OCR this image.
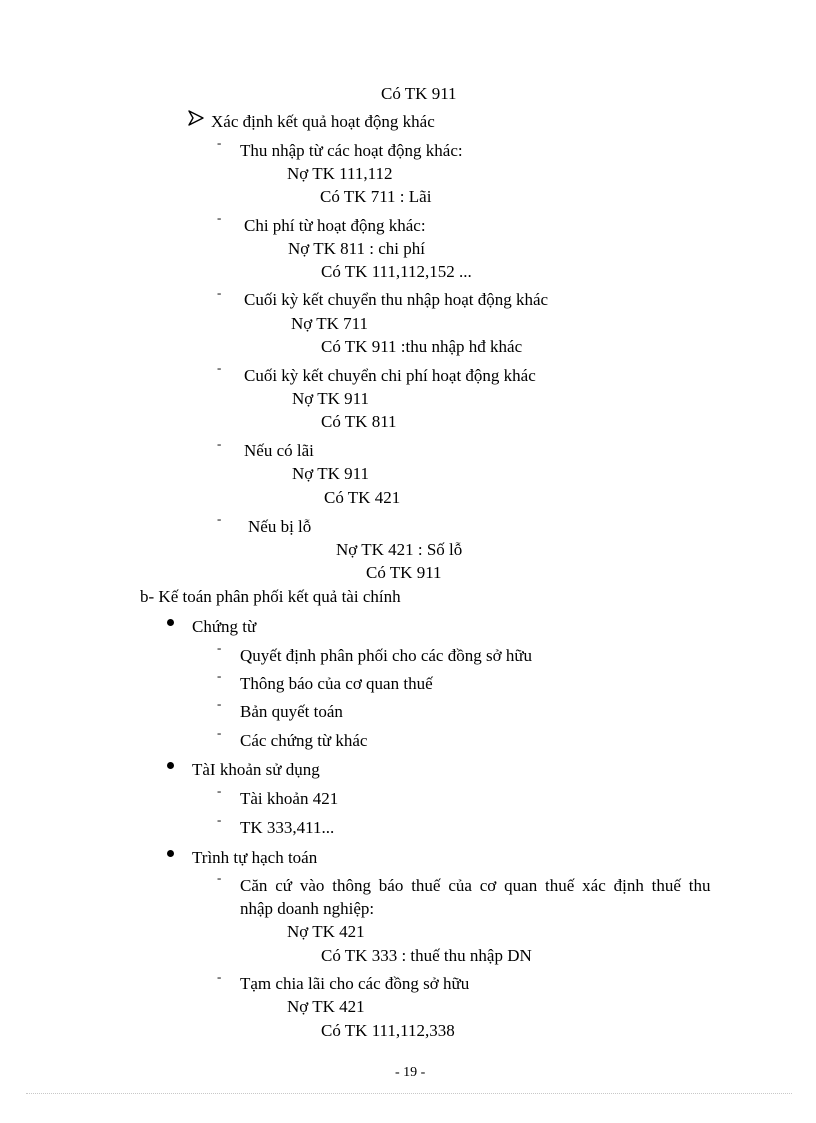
Có TK 911
Xác định kết quả hoạt động khác
- Thu nhập từ các hoạt động khác:
Nợ TK 111,112
Có TK 711 : Lãi
- Chi phí từ hoạt động khác:
Nợ TK 811 : chi phí
Có TK 111,112,152 ...
- Cuối kỳ kết chuyển thu nhập hoạt động khác
Nợ TK 711
Có TK 911 :thu nhập hđ khác
- Cuối kỳ kết chuyển chi phí hoạt động khác
Nợ TK 911
Có TK 811
- Nếu có lãi
Nợ TK 911
Có TK 421
- Nếu bị lỗ
Nợ TK 421 : Số lỗ
Có TK 911
b- Kế toán phân phối kết quả tài chính
Chứng từ
- Quyết định phân phối cho các đồng sở hữu
- Thông báo của cơ quan thuế
- Bản quyết toán
- Các chứng từ khác
TàI khoản sử dụng
- Tài khoản 421
- TK 333,411...
Trình tự hạch toán
- Căn cứ vào thông báo thuế của cơ quan thuế xác định thuế thu
nhập doanh nghiệp:
Nợ TK 421
Có TK 333 : thuế thu nhập DN
- Tạm chia lãi cho các đồng sở hữu
Nợ TK 421
Có TK 111,112,338
- 19 -
